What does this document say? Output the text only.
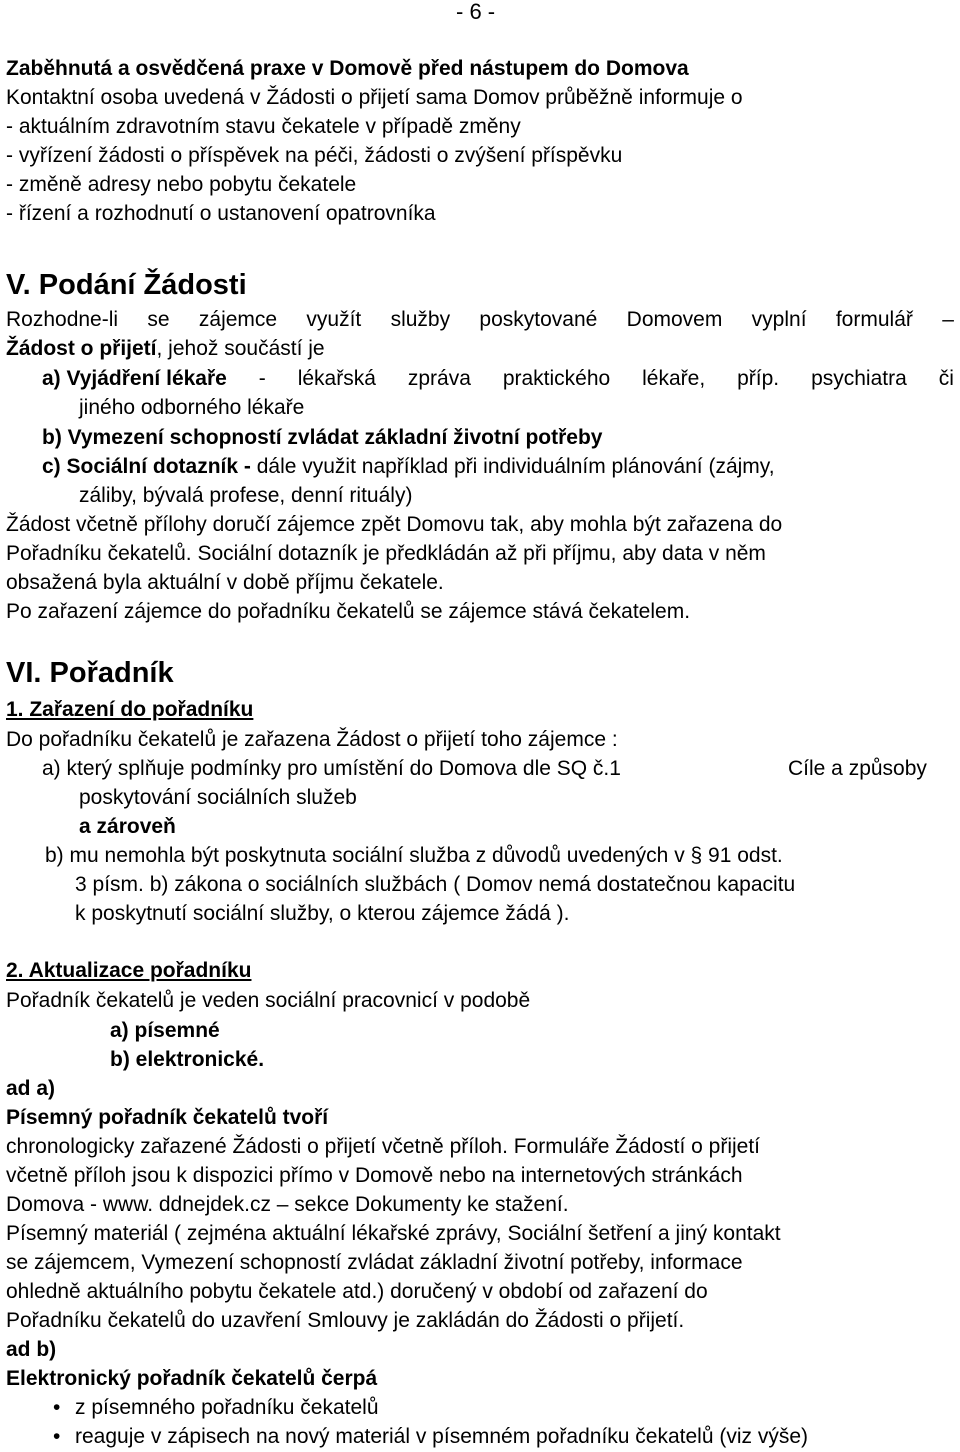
- 6 -
Zaběhnutá a osvědčená praxe v Domově před nástupem do Domova
Kontaktní osoba uvedená v Žádosti o přijetí sama Domov průběžně informuje o
- aktuálním zdravotním stavu čekatele v případě změny
- vyřízení žádosti o příspěvek na péči, žádosti o zvýšení příspěvku
- změně adresy nebo pobytu čekatele
- řízení a rozhodnutí o ustanovení opatrovníka
V. Podání Žádosti
Rozhodne-li se zájemce využít služby poskytované Domovem vyplní formulář –
Žádost o přijetí, jehož součástí je
a) Vyjádření lékaře - lékařská zpráva praktického lékaře, příp. psychiatra či
jiného odborného lékaře
b) Vymezení schopností zvládat základní životní potřeby
c) Sociální dotazník - dále využit například při individuálním plánování (zájmy,
záliby, bývalá profese, denní rituály)
Žádost včetně přílohy doručí zájemce zpět Domovu tak, aby mohla být zařazena do
Pořadníku čekatelů. Sociální dotazník je předkládán až při příjmu, aby data v něm
obsažená byla aktuální v době příjmu čekatele.
Po zařazení zájemce do pořadníku čekatelů se zájemce stává čekatelem.
VI. Pořadník
1. Zařazení do pořadníku
Do pořadníku čekatelů je zařazena Žádost o přijetí toho zájemce :
a) který splňuje podmínky pro umístění do Domova dle SQ č.1	Cíle a způsoby
poskytování sociálních služeb
a zároveň
b) mu nemohla být poskytnuta sociální služba z důvodů uvedených v § 91 odst.
3 písm. b) zákona o sociálních službách ( Domov nemá dostatečnou kapacitu
k poskytnutí sociální služby, o kterou zájemce žádá ).
2. Aktualizace pořadníku
Pořadník čekatelů je veden sociální pracovnicí v podobě
a) písemné
b) elektronické.
ad a)
Písemný pořadník čekatelů tvoří
chronologicky zařazené Žádosti o přijetí včetně příloh. Formuláře Žádostí o přijetí
včetně příloh jsou k dispozici přímo v Domově nebo na internetových stránkách
Domova - www. ddnejdek.cz – sekce Dokumenty ke stažení.
Písemný materiál ( zejména aktuální lékařské zprávy, Sociální šetření a jiný kontakt
se zájemcem, Vymezení schopností zvládat základní životní potřeby, informace
ohledně aktuálního pobytu čekatele atd.) doručený v období od zařazení do
Pořadníku čekatelů do uzavření Smlouvy je zakládán do Žádosti o přijetí.
ad b)
Elektronický pořadník čekatelů čerpá
• z písemného pořadníku čekatelů
• reaguje v zápisech na nový materiál v písemném pořadníku čekatelů (viz výše)
